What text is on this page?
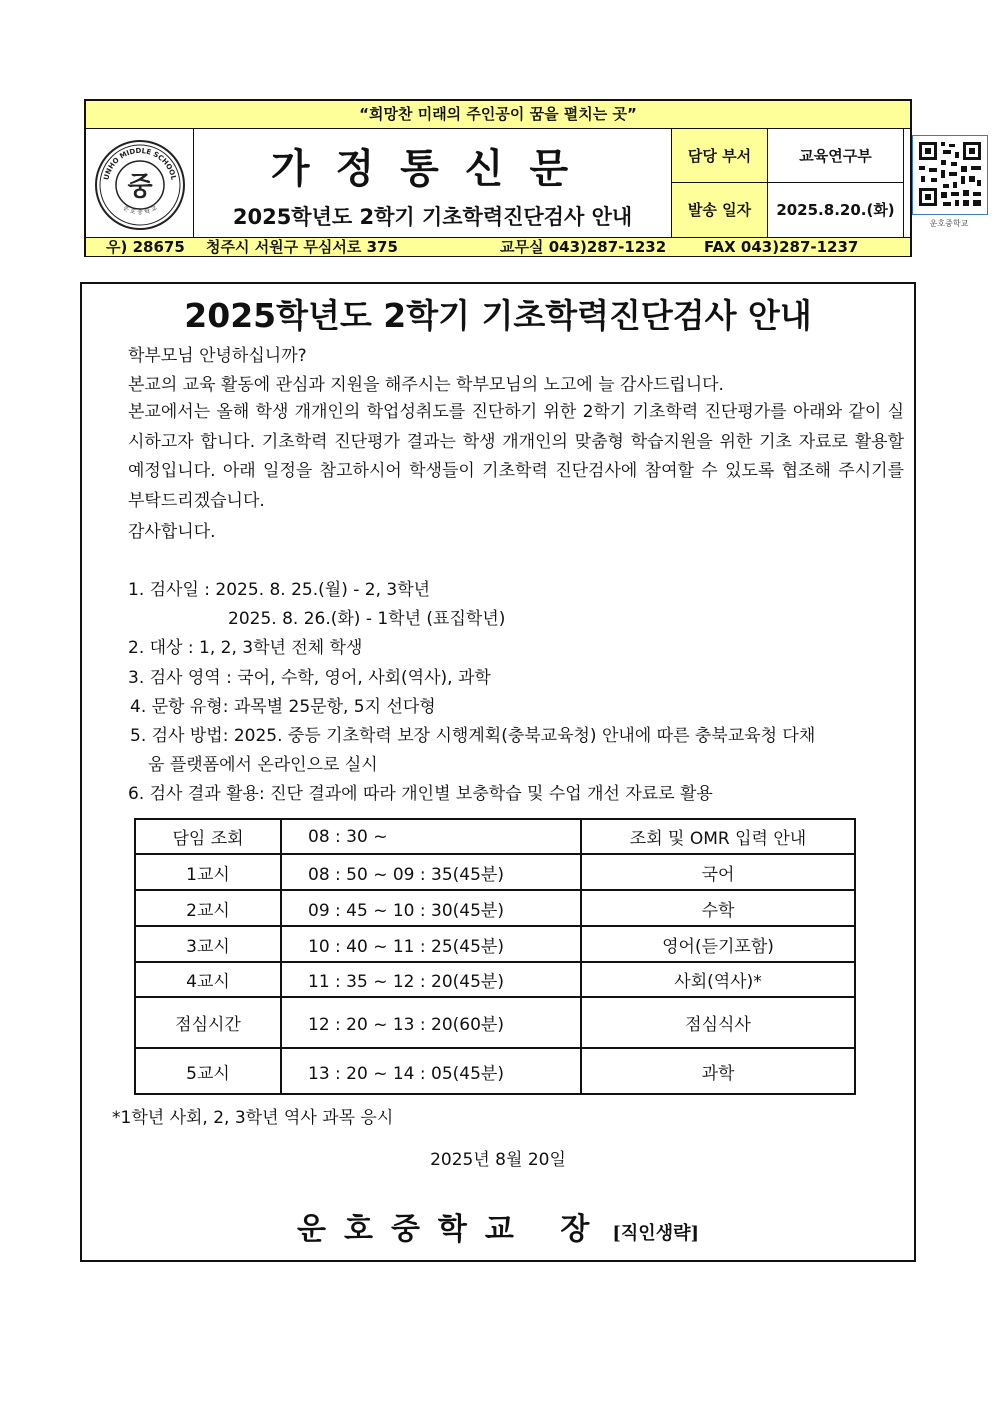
“희망찬 미래의 주인공이 꿈을 펼치는 곳”
UNHO MIDDLE SCHOOL
운 호 중 학 교
중	가정통신문
2025학년도 2학기 기초학력진단검사 안내
담당 부서	교육연구부
발송 일자	2025.8.20.(화)
운호중학교
우) 28675 청주시 서원구 무심서로 375	교무실 043)287-1232	FAX 043)287-1237
2025학년도 2학기 기초학력진단검사 안내
학부모님 안녕하십니까?
본교의 교육 활동에 관심과 지원을 해주시는 학부모님의 노고에 늘 감사드립니다.
본교에서는 올해 학생 개개인의 학업성취도를 진단하기 위한 2학기 기초학력 진단평가를 아래와 같이 실시하고자 합니다. 기초학력 진단평가 결과는 학생 개개인의 맞춤형 학습지원을 위한 기초 자료로 활용할 예정입니다. 아래 일정을 참고하시어 학생들이 기초학력 진단검사에 참여할 수 있도록 협조해 주시기를 부탁드리겠습니다.
감사합니다.
1. 검사일 : 2025. 8. 25.(월) - 2, 3학년
2025. 8. 26.(화) - 1학년 (표집학년)
2. 대상 : 1, 2, 3학년 전체 학생
3. 검사 영역 : 국어, 수학, 영어, 사회(역사), 과학
4. 문항 유형: 과목별 25문항, 5지 선다형
5. 검사 방법: 2025. 중등 기초학력 보장 시행계획(충북교육청) 안내에 따른 충북교육청 다채
움 플랫폼에서 온라인으로 실시
6. 검사 결과 활용: 진단 결과에 따라 개인별 보충학습 및 수업 개선 자료로 활용
담임 조회	08 : 30 ~	조회 및 OMR 입력 안내
1교시	08 : 50 ~ 09 : 35(45분)	국어
2교시	09 : 45 ~ 10 : 30(45분)	수학
3교시	10 : 40 ~ 11 : 25(45분)	영어(듣기포함)
4교시	11 : 35 ~ 12 : 20(45분)	사회(역사)*
점심시간	12 : 20 ~ 13 : 20(60분)	점심식사
5교시	13 : 20 ~ 14 : 05(45분)	과학
*1학년 사회, 2, 3학년 역사 과목 응시
2025년 8월 20일
운호중학교 장 [직인생략]
